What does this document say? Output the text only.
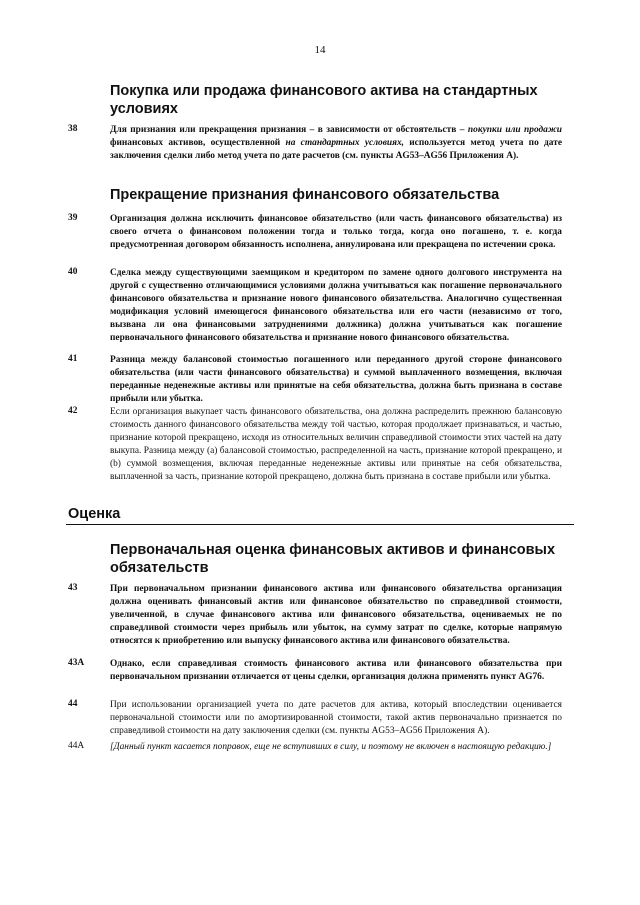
14
Покупка или продажа финансового актива на стандартных условиях
38	Для признания или прекращения признания – в зависимости от обстоятельств – покупки или продажи финансовых активов, осуществленной на стандартных условиях, используется метод учета по дате заключения сделки либо метод учета по дате расчетов (см. пункты AG53–AG56 Приложения А).
Прекращение признания финансового обязательства
39	Организация должна исключить финансовое обязательство (или часть финансового обязательства) из своего отчета о финансовом положении тогда и только тогда, когда оно погашено, т. е. когда предусмотренная договором обязанность исполнена, аннулирована или прекращена по истечении срока.
40	Сделка между существующими заемщиком и кредитором по замене одного долгового инструмента на другой с существенно отличающимися условиями должна учитываться как погашение первоначального финансового обязательства и признание нового финансового обязательства. Аналогично существенная модификация условий имеющегося финансового обязательства или его части (независимо от того, вызвана ли она финансовыми затруднениями должника) должна учитываться как погашение первоначального финансового обязательства и признание нового финансового обязательства.
41	Разница между балансовой стоимостью погашенного или переданного другой стороне финансового обязательства (или части финансового обязательства) и суммой выплаченного возмещения, включая переданные неденежные активы или принятые на себя обязательства, должна быть признана в составе прибыли или убытка.
42	Если организация выкупает часть финансового обязательства, она должна распределить прежнюю балансовую стоимость данного финансового обязательства между той частью, которая продолжает признаваться, и частью, признание которой прекращено, исходя из относительных величин справедливой стоимости этих частей на дату выкупа. Разница между (a) балансовой стоимостью, распределенной на часть, признание которой прекращено, и (b) суммой возмещения, включая переданные неденежные активы или принятые на себя обязательства, выплаченной за часть, признание которой прекращено, должна быть признана в составе прибыли или убытка.
Оценка
Первоначальная оценка финансовых активов и финансовых обязательств
43	При первоначальном признании финансового актива или финансового обязательства организация должна оценивать финансовый актив или финансовое обязательство по справедливой стоимости, увеличенной, в случае финансового актива или финансового обязательства, оцениваемых не по справедливой стоимости через прибыль или убыток, на сумму затрат по сделке, которые напрямую относятся к приобретению или выпуску финансового актива или финансового обязательства.
43A	Однако, если справедливая стоимость финансового актива или финансового обязательства при первоначальном признании отличается от цены сделки, организация должна применять пункт AG76.
44	При использовании организацией учета по дате расчетов для актива, который впоследствии оценивается первоначальной стоимости или по амортизированной стоимости, такой актив первоначально признается по справедливой стоимости на дату заключения сделки (см. пункты AG53–AG56 Приложения A).
44A	[Данный пункт касается поправок, еще не вступивших в силу, и поэтому не включен в настоящую редакцию.]
